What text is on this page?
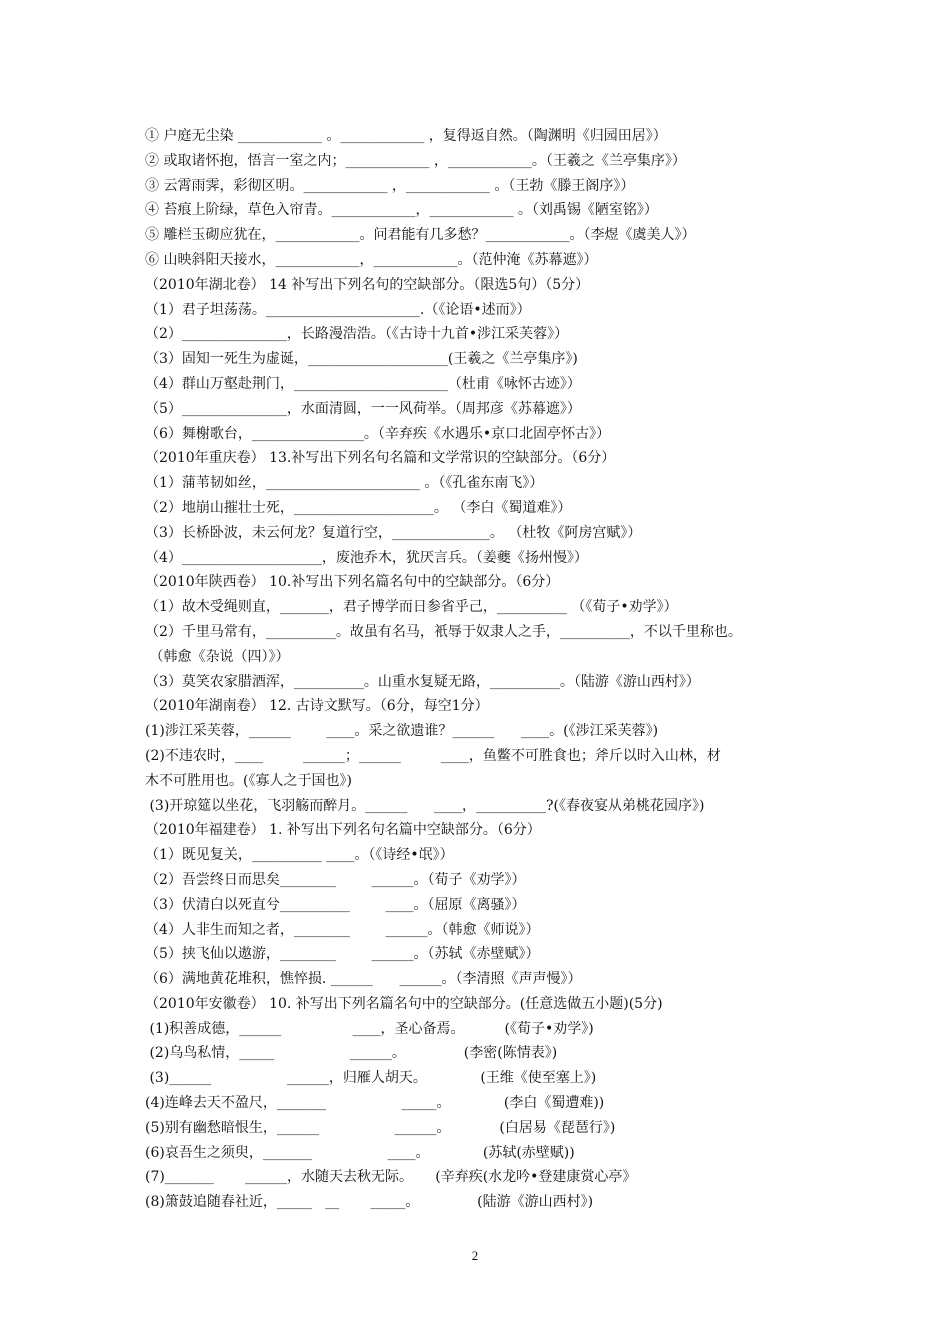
① 户庭无尘染 ____________ 。____________ ，复得返自然。（陶渊明《归园田居》）
② 或取诸怀抱，悟言一室之内；____________ ，____________。（王羲之《兰亭集序》）
③ 云霄雨霁，彩彻区明。____________ ，____________ 。（王勃《滕王阁序》）
④ 苔痕上阶绿，草色入帘青。____________，____________ 。（刘禹锡《陋室铭》）
⑤ 雕栏玉砌应犹在，____________。问君能有几多愁？____________。（李煜《虞美人》）
⑥ 山映斜阳天接水，____________，____________。（范仲淹《苏幕遮》）
（2010年湖北卷） 14 补写出下列名句的空缺部分。（限选5句）（5分）
（1）君子坦荡荡。______________________.（《论语•述而》）
（2）_______________，长路漫浩浩。（《古诗十九首•涉江采芙蓉》）
（3）固知一死生为虚诞，____________________(王羲之《兰亭集序》)
（4）群山万壑赴荆门，______________________（杜甫《咏怀古迹》）
（5）_______________，水面清圆，一一风荷举。（周邦彦《苏幕遮》）
（6）舞榭歌台，________________。（辛弃疾《水遇乐•京口北固亭怀古》）
（2010年重庆卷） 13.补写出下列名句名篇和文学常识的空缺部分。（6分）
（1）蒲苇韧如丝，______________________ 。（《孔雀东南飞》）
（2）地崩山摧壮士死，____________________。 （李白《蜀道难》）
（3）长桥卧波，未云何龙？复道行空，______________。 （杜牧《阿房宫赋》）
（4）____________________，废池乔木，犹厌言兵。（姜夔《扬州慢》）
（2010年陕西卷） 10.补写出下列名篇名句中的空缺部分。（6分）
（1）故木受绳则直，_______，君子博学而日参省乎己，__________ （《荀子•劝学》）
（2）千里马常有，__________。故虽有名马，衹辱于奴隶人之手，__________，不以千里称也。
（韩愈《杂说（四）》）
（3）莫笑农家腊酒浑，__________。山重水复疑无路，__________。（陆游《游山西村》）
（2010年湖南卷） 12. 古诗文默写。（6分，每空1分）
(1)涉江采芙蓉，______        ____。采之欲遗谁？______      ____。(《涉江采芙蓉》)
(2)不违农时，____         ______；______         ____，鱼鳖不可胜食也；斧斤以时入山林，材
木不可胜用也。(《寡人之于国也》)
(3)开琼筵以坐花，飞羽觞而醉月。______      ____，__________?(《春夜宴从弟桃花园序》)
（2010年福建卷） 1. 补写出下列名句名篇中空缺部分。（6分）
（1）既见复关，__________ ____。（《诗经•氓》）
（2）吾尝终日而思矣________        ______。（荀子《劝学》）
（3）伏清白以死直兮__________        ____。（屈原《离骚》）
（4）人非生而知之者，________        ______。（韩愈《师说》）
（5）挟飞仙以遨游，________        ______。（苏轼《赤壁赋》）
（6）满地黄花堆积，憔悴损. ______      ______。（李清照《声声慢》）
（2010年安徽卷） 10. 补写出下列名篇名句中的空缺部分。(任意选做五小题)(5分)
(1)积善成德，______                ____，圣心备焉。         (《荀子•劝学》)
(2)乌鸟私情，_____                 ______。             (李密(陈情表》)
(3)______                 ______，归雁人胡天。            (王维《使至塞上》)
(4)连峰去天不盈尺，_______                 _____。            (李白《蜀遭难))
(5)别有幽愁暗恨生，______                 ______。           (白居易《琵琶行》)
(6)哀吾生之须臾，_______                 ____。            (苏轼(赤壁赋))
(7)_______       ______，水随天去秋无际。     (辛弃疾(水龙吟•登建康赏心亭》
(8)箫鼓追随春社近，_____   __       _____。             (陆游《游山西村》)
2
